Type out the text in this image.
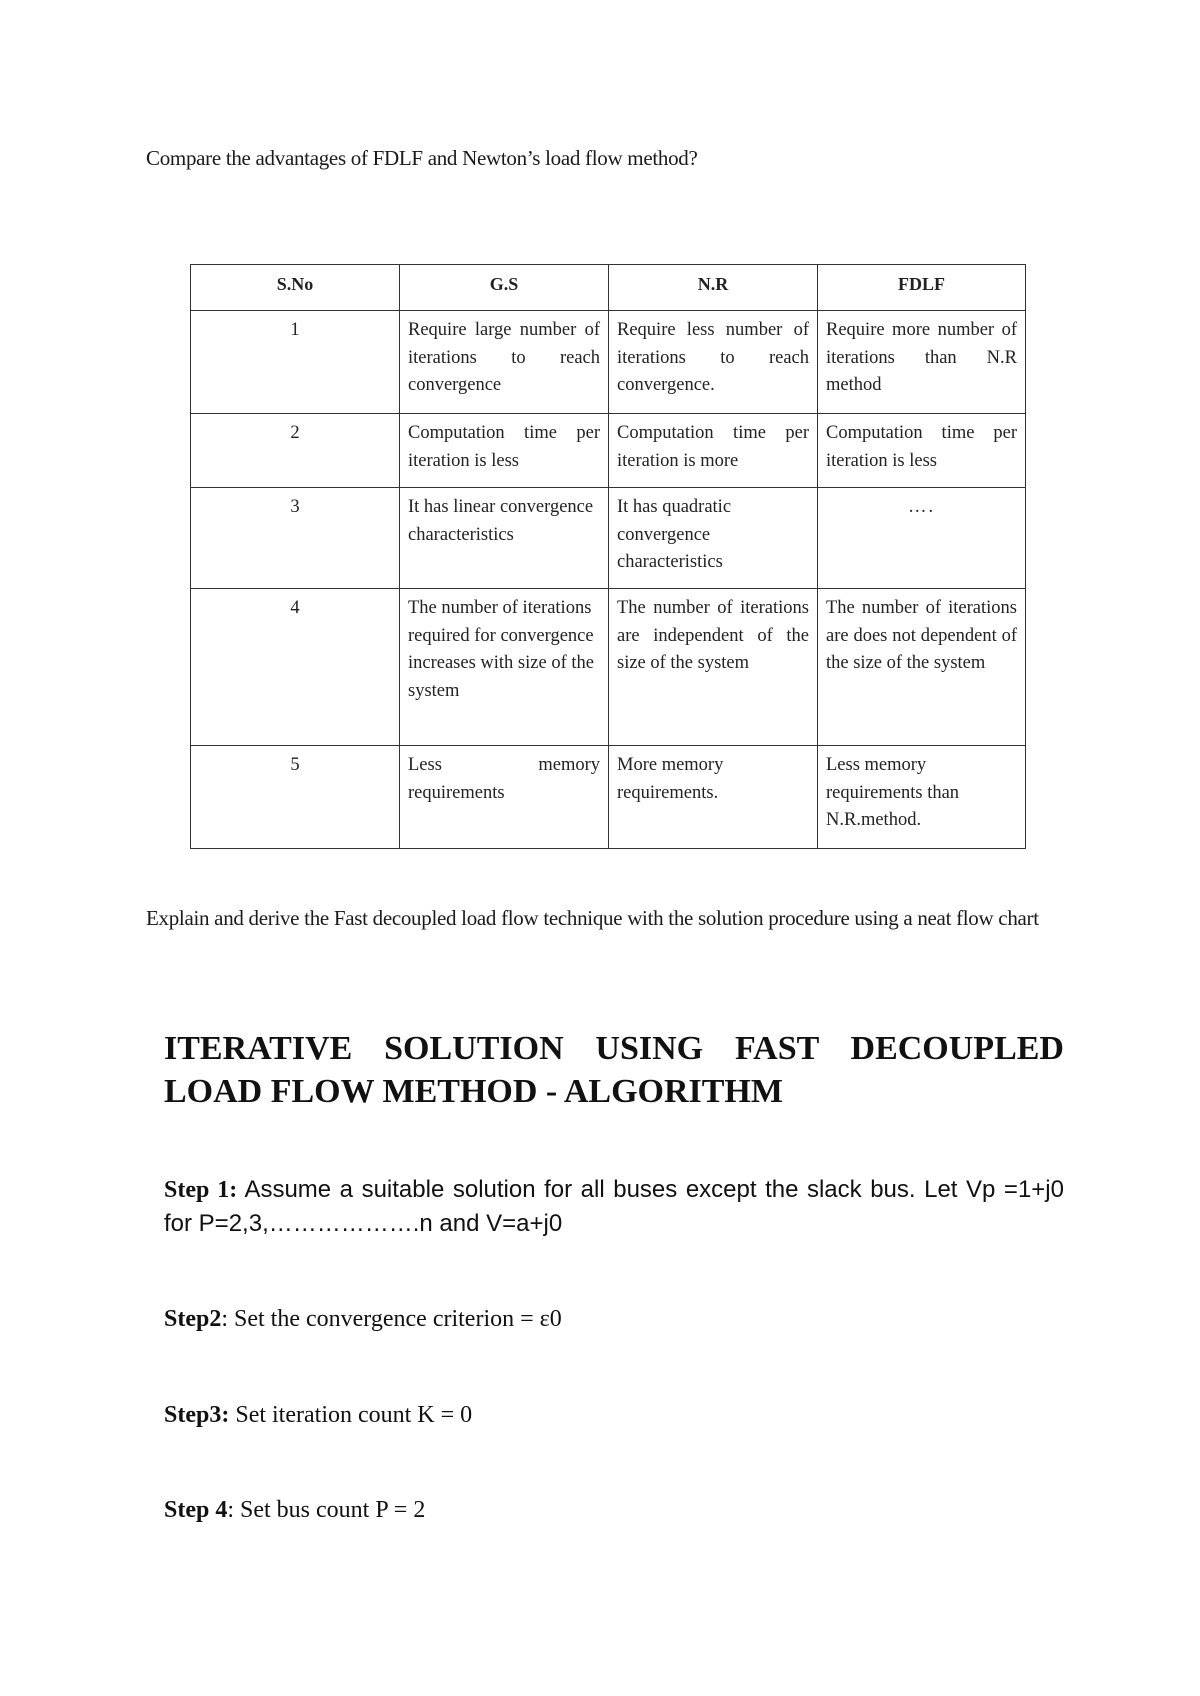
Compare the advantages of FDLF and Newton’s load flow method?
S.No	G.S	N.R	FDLF
1	Require large number of iterations to reach convergence	Require less number of iterations to reach convergence.	Require more number of iterations than N.R method
2	Computation time per iteration is less	Computation time per iteration is more	Computation time per iteration is less
3	It has linear convergence characteristics	It has quadratic convergence characteristics	….
4	The number of iterations required for convergence increases with size of the system	The number of iterations are independent of the size of the system	The number of iterations are does not dependent of the size of the system
5	Less memory requirements	More memory requirements.	Less memory requirements than N.R.method.
Explain and derive the Fast decoupled load flow technique with the solution procedure using a neat flow chart
ITERATIVE SOLUTION USING FAST DECOUPLED LOAD FLOW METHOD - ALGORITHM
Step 1: Assume a suitable solution for all buses except the slack bus. Let Vp =1+j0 for P=2,3,……………….n and V=a+j0
Step2: Set the convergence criterion = ε0
Step3: Set iteration count K = 0
Step 4: Set bus count P = 2
